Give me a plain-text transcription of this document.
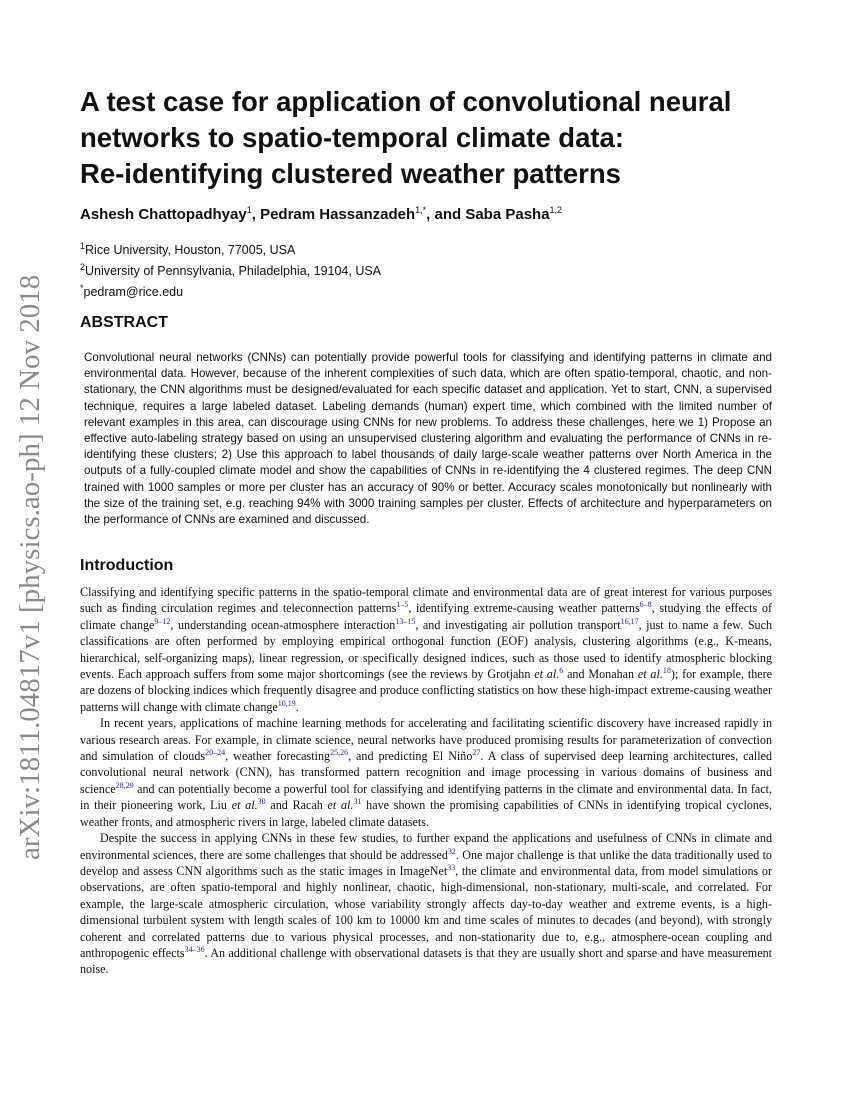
arXiv:1811.04817v1 [physics.ao-ph] 12 Nov 2018
A test case for application of convolutional neural
networks to spatio-temporal climate data:
Re-identifying clustered weather patterns
Ashesh Chattopadhyay$^1$, Pedram Hassanzadeh$^{1,*}$, and Saba Pasha$^{1,2}$
$^1$Rice University, Houston, 77005, USA
$^2$University of Pennsylvania, Philadelphia, 19104, USA
*pedram@rice.edu
ABSTRACT

Convolutional neural networks (CNNs) can potentially provide powerful tools for classifying and identifying patterns in climate and environmental data. However, because of the inherent complexities of such data, which are often spatio-temporal, chaotic, and non-stationary, the CNN algorithms must be designed/evaluated for each specific dataset and application. Yet to start, CNN, a supervised technique, requires a large labeled dataset. Labeling demands (human) expert time, which combined with the limited number of relevant examples in this area, can discourage using CNNs for new problems. To address these challenges, here we 1) Propose an effective auto-labeling strategy based on using an unsupervised clustering algorithm and evaluating the performance of CNNs in re-identifying these clusters; 2) Use this approach to label thousands of daily large-scale weather patterns over North America in the outputs of a fully-coupled climate model and show the capabilities of CNNs in re-identifying the 4 clustered regimes. The deep CNN trained with 1000 samples or more per cluster has an accuracy of 90% or better. Accuracy scales monotonically but nonlinearly with the size of the training set, e.g. reaching 94% with 3000 training samples per cluster. Effects of architecture and hyperparameters on the performance of CNNs are examined and discussed.

Introduction

Classifying and identifying specific patterns in the spatio-temporal climate and environmental data are of great interest for various purposes such as finding circulation regimes and teleconnection patterns$^{1-5}$, identifying extreme-causing weather patterns$^{6-8}$, studying the effects of climate change$^{9-12}$, understanding ocean-atmosphere interaction$^{13-15}$, and investigating air pollution transport$^{16,17}$, just to name a few. Such classifications are often performed by employing empirical orthogonal function (EOF) analysis, clustering algorithms (e.g., K-means, hierarchical, self-organizing maps), linear regression, or specifically designed indices, such as those used to identify atmospheric blocking events. Each approach suffers from some major shortcomings (see the reviews by Grotjahn et al.$^6$ and Monahan et al.$^{18}$); for example, there are dozens of blocking indices which frequently disagree and produce conflicting statistics on how these high-impact extreme-causing weather patterns will change with climate change$^{10,19}$.

In recent years, applications of machine learning methods for accelerating and facilitating scientific discovery have increased rapidly in various research areas. For example, in climate science, neural networks have produced promising results for parameterization of convection and simulation of clouds$^{20-24}$, weather forecasting$^{25,26}$, and predicting El Niño$^{27}$. A class of supervised deep learning architectures, called convolutional neural network (CNN), has transformed pattern recognition and image processing in various domains of business and science$^{28,29}$ and can potentially become a powerful tool for classifying and identifying patterns in the climate and environmental data. In fact, in their pioneering work, Liu et al.$^{30}$ and Racah et al.$^{31}$ have shown the promising capabilities of CNNs in identifying tropical cyclones, weather fronts, and atmospheric rivers in large, labeled climate datasets.

Despite the success in applying CNNs in these few studies, to further expand the applications and usefulness of CNNs in climate and environmental sciences, there are some challenges that should be addressed$^{32}$. One major challenge is that unlike the data traditionally used to develop and assess CNN algorithms such as the static images in ImageNet$^{33}$, the climate and environmental data, from model simulations or observations, are often spatio-temporal and highly nonlinear, chaotic, high-dimensional, non-stationary, multi-scale, and correlated. For example, the large-scale atmospheric circulation, whose variability strongly affects day-to-day weather and extreme events, is a high-dimensional turbulent system with length scales of 100 km to 10000 km and time scales of minutes to decades (and beyond), with strongly coherent and correlated patterns due to various physical processes, and non-stationarity due to, e.g., atmosphere-ocean coupling and anthropogenic effects$^{34-36}$. An additional challenge with observational datasets is that they are usually short and sparse and have measurement noise.
